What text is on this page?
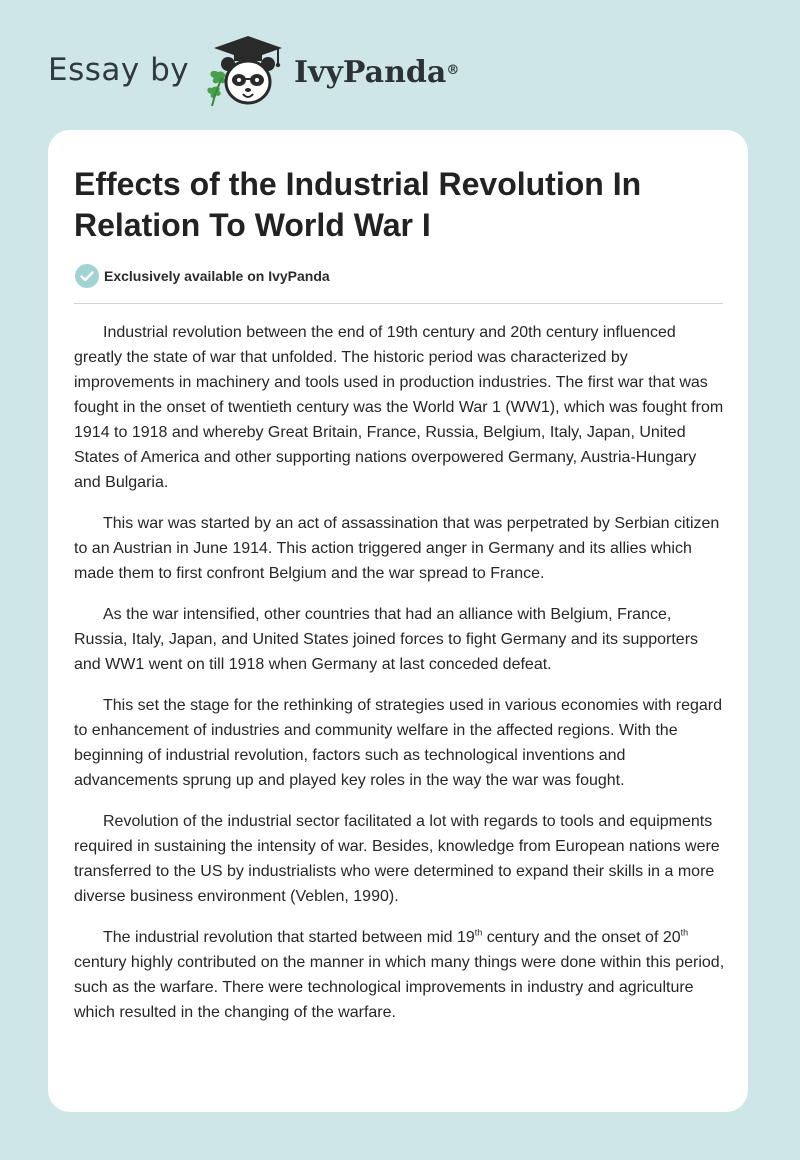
Essay by	IvyPanda®
Effects of the Industrial Revolution In Relation To World War I
Exclusively available on IvyPanda

Industrial revolution between the end of 19th century and 20th century influenced greatly the state of war that unfolded. The historic period was characterized by improvements in machinery and tools used in production industries. The first war that was fought in the onset of twentieth century was the World War 1 (WW1), which was fought from 1914 to 1918 and whereby Great Britain, France, Russia, Belgium, Italy, Japan, United States of America and other supporting nations overpowered Germany, Austria-Hungary and Bulgaria.

This war was started by an act of assassination that was perpetrated by Serbian citizen to an Austrian in June 1914. This action triggered anger in Germany and its allies which made them to first confront Belgium and the war spread to France.

As the war intensified, other countries that had an alliance with Belgium, France, Russia, Italy, Japan, and United States joined forces to fight Germany and its supporters and WW1 went on till 1918 when Germany at last conceded defeat.

This set the stage for the rethinking of strategies used in various economies with regard to enhancement of industries and community welfare in the affected regions. With the beginning of industrial revolution, factors such as technological inventions and advancements sprung up and played key roles in the way the war was fought.

Revolution of the industrial sector facilitated a lot with regards to tools and equipments required in sustaining the intensity of war. Besides, knowledge from European nations were transferred to the US by industrialists who were determined to expand their skills in a more diverse business environment (Veblen, 1990).

The industrial revolution that started between mid 19th century and the onset of 20th century highly contributed on the manner in which many things were done within this period, such as the warfare. There were technological improvements in industry and agriculture which resulted in the changing of the warfare.
